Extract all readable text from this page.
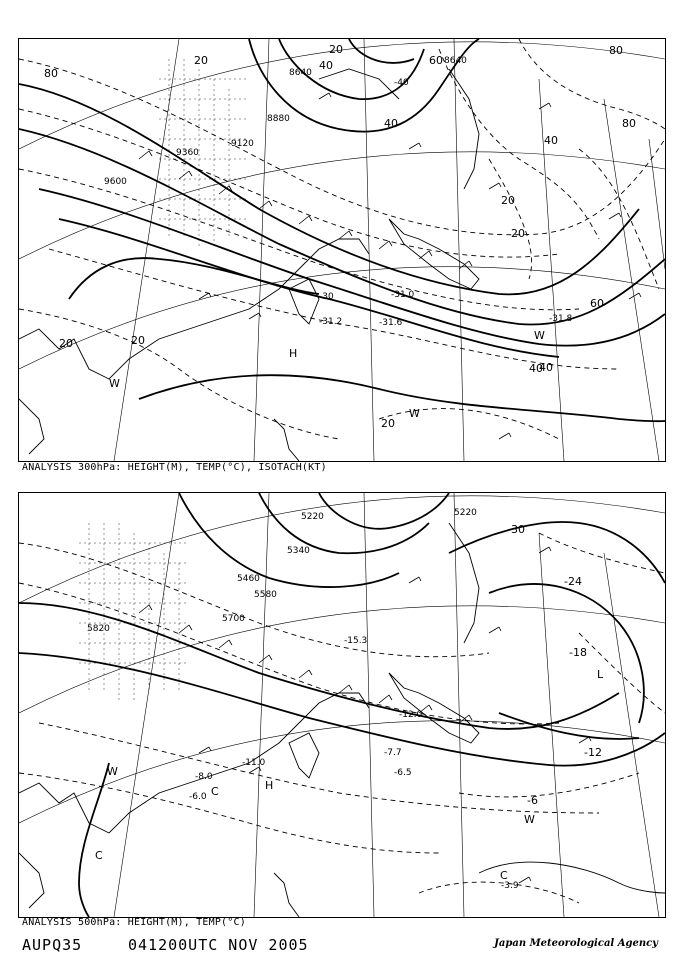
8640
8640
8880
9120
9360
9600
20
40	60
80
80
40
40
20
20
20
40
60
80
20	20
40
20
-30
-40
-31.2	-31.6
-31.0
-31.8
W
H
W
W
ANALYSIS 300hPa: HEIGHT(M), TEMP(°C), ISOTACH(KT)
5220	5220
5340
5460
5580
5700
5820
-30
-24
-18
-12
-6
-15.3
-12.0
-7.7
-6.5
-3.9
-6.0
-8.0
-11.0
L
C	H
W
W
C
C
ANALYSIS 500hPa: HEIGHT(M), TEMP(°C)
AUPQ35	041200UTC NOV 2005	Japan Meteorological Agency
